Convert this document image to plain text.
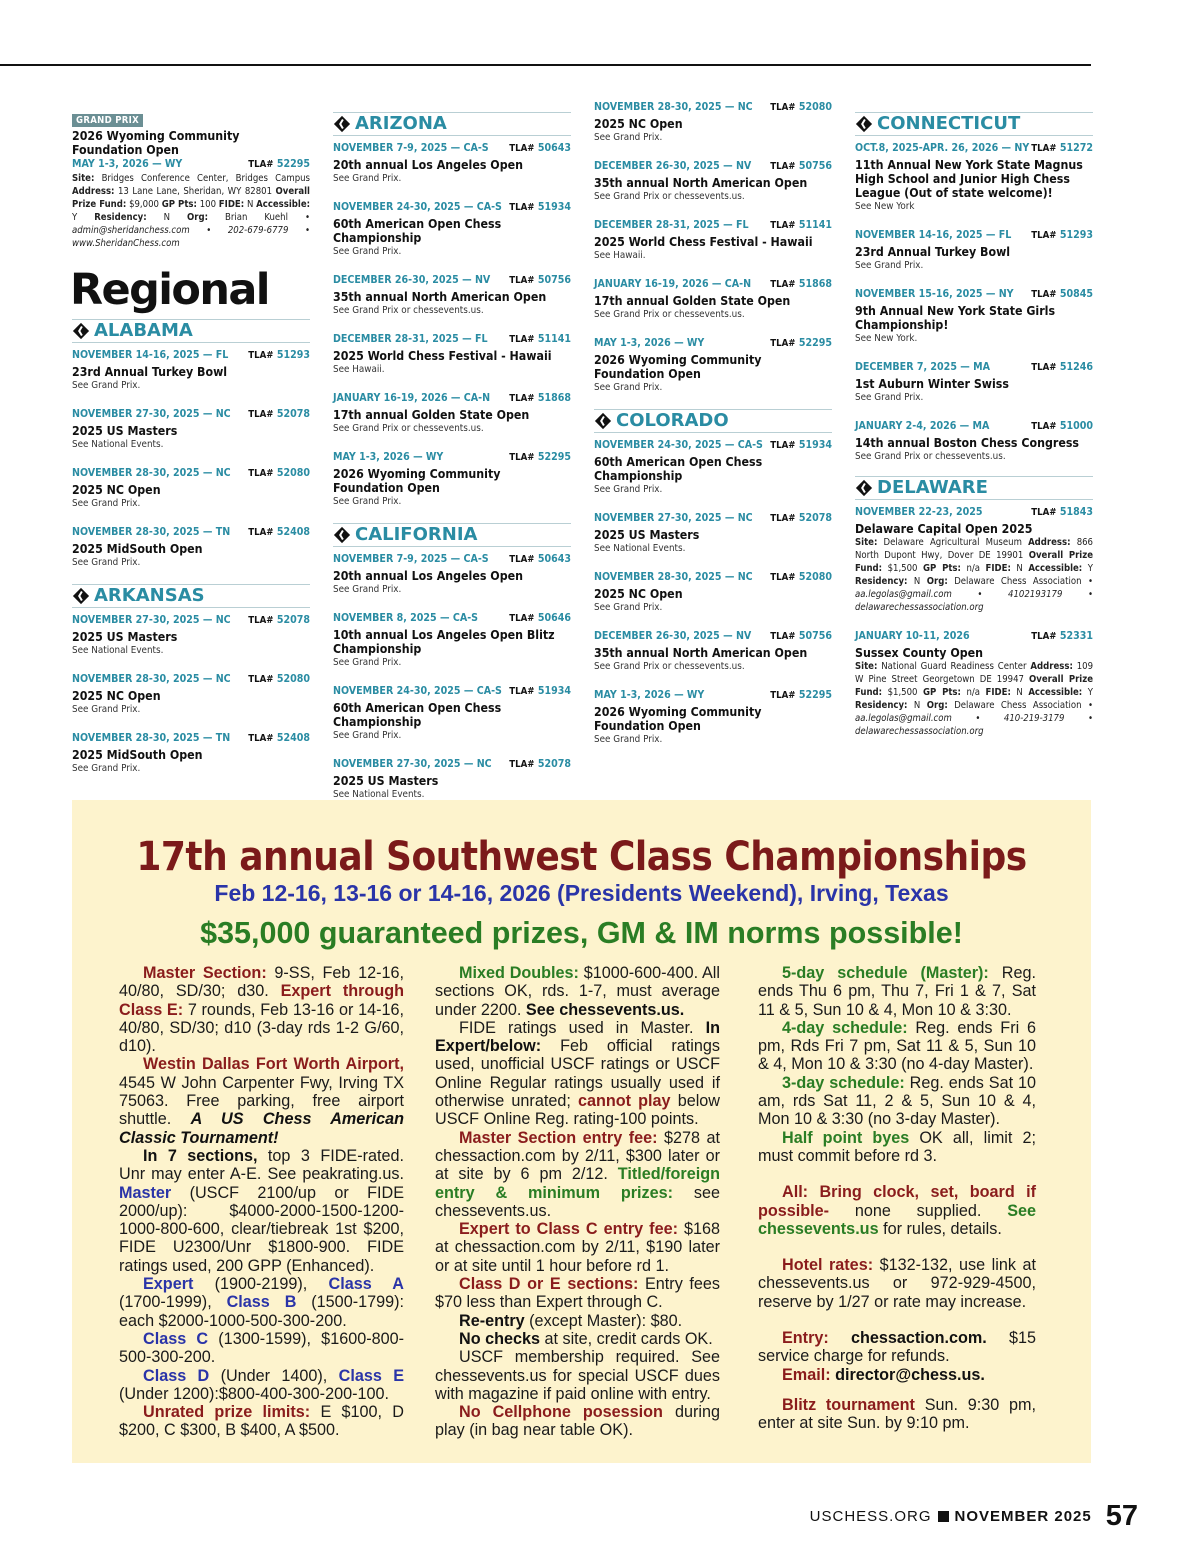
GRAND PRIX
2026 Wyoming Community Foundation Open
MAY 1-3, 2026 — WY	TLA# 52295
Site: Bridges Conference Center, Bridges Campus Address: 13 Lane Lane, Sheridan, WY 82801 Overall Prize Fund: $9,000 GP Pts: 100 FIDE: N Accessible: Y Residency: N Org: Brian Kuehl • admin@sheridanchess.com • 202-679-6779 • www.SheridanChess.com
Regional
ALABAMA
NOVEMBER 14-16, 2025 — FL TLA# 51293
23rd Annual Turkey Bowl
See Grand Prix.
NOVEMBER 27-30, 2025 — NC TLA# 52078
2025 US Masters
See National Events.
NOVEMBER 28-30, 2025 — NC TLA# 52080
2025 NC Open
See Grand Prix.
NOVEMBER 28-30, 2025 — TN TLA# 52408
2025 MidSouth Open
See Grand Prix.
ARKANSAS
NOVEMBER 27-30, 2025 — NC TLA# 52078
2025 US Masters
See National Events.
NOVEMBER 28-30, 2025 — NC TLA# 52080
2025 NC Open
See Grand Prix.
NOVEMBER 28-30, 2025 — TN TLA# 52408
2025 MidSouth Open
See Grand Prix.
ARIZONA
NOVEMBER 7-9, 2025 — CA-S TLA# 50643
20th annual Los Angeles Open
See Grand Prix.
NOVEMBER 24-30, 2025 — CA-S TLA# 51934
60th American Open Chess Championship
See Grand Prix.
DECEMBER 26-30, 2025 — NV TLA# 50756
35th annual North American Open
See Grand Prix or chessevents.us.
DECEMBER 28-31, 2025 — FL TLA# 51141
2025 World Chess Festival - Hawaii
See Hawaii.
JANUARY 16-19, 2026 — CA-N TLA# 51868
17th annual Golden State Open
See Grand Prix or chessevents.us.
MAY 1-3, 2026 — WY	TLA# 52295
2026 Wyoming Community Foundation Open
See Grand Prix.
CALIFORNIA
NOVEMBER 7-9, 2025 — CA-S TLA# 50643
20th annual Los Angeles Open
See Grand Prix.
NOVEMBER 8, 2025 — CA-S	TLA# 50646
10th annual Los Angeles Open Blitz Championship
See Grand Prix.
NOVEMBER 24-30, 2025 — CA-S TLA# 51934
60th American Open Chess Championship
See Grand Prix.
NOVEMBER 27-30, 2025 — NC TLA# 52078
2025 US Masters
See National Events.
NOVEMBER 28-30, 2025 — NC TLA# 52080
2025 NC Open
See Grand Prix.
DECEMBER 26-30, 2025 — NV TLA# 50756
35th annual North American Open
See Grand Prix or chessevents.us.
DECEMBER 28-31, 2025 — FL TLA# 51141
2025 World Chess Festival - Hawaii
See Hawaii.
JANUARY 16-19, 2026 — CA-N TLA# 51868
17th annual Golden State Open
See Grand Prix or chessevents.us.
MAY 1-3, 2026 — WY	TLA# 52295
2026 Wyoming Community Foundation Open
See Grand Prix.
COLORADO
NOVEMBER 24-30, 2025 — CA-S TLA# 51934
60th American Open Chess Championship
See Grand Prix.
NOVEMBER 27-30, 2025 — NC TLA# 52078
2025 US Masters
See National Events.
NOVEMBER 28-30, 2025 — NC TLA# 52080
2025 NC Open
See Grand Prix.
DECEMBER 26-30, 2025 — NV TLA# 50756
35th annual North American Open
See Grand Prix or chessevents.us.
MAY 1-3, 2026 — WY	TLA# 52295
2026 Wyoming Community Foundation Open
See Grand Prix.
CONNECTICUT
OCT.8, 2025-APR. 26, 2026 — NY TLA# 51272
11th Annual New York State Magnus High School and Junior High Chess League (Out of state welcome)!
See New York
NOVEMBER 14-16, 2025 — FL TLA# 51293
23rd Annual Turkey Bowl
See Grand Prix.
NOVEMBER 15-16, 2025 — NY TLA# 50845
9th Annual New York State Girls Championship!
See New York.
DECEMBER 7, 2025 — MA	TLA# 51246
1st Auburn Winter Swiss
See Grand Prix.
JANUARY 2-4, 2026 — MA	TLA# 51000
14th annual Boston Chess Congress
See Grand Prix or chessevents.us.
DELAWARE
NOVEMBER 22-23, 2025	TLA# 51843
Delaware Capital Open 2025
Site: Delaware Agricultural Museum Address: 866 North Dupont Hwy, Dover DE 19901 Overall Prize Fund: $1,500 GP Pts: n/a FIDE: N Accessible: Y Residency: N Org: Delaware Chess Association • aa.legolas@gmail.com • 4102193179 • delawarechessassociation.org
JANUARY 10-11, 2026	TLA# 52331
Sussex County Open
Site: National Guard Readiness Center Address: 109 W Pine Street Georgetown DE 19947 Overall Prize Fund: $1,500 GP Pts: n/a FIDE: N Accessible: Y Residency: N Org: Delaware Chess Association • aa.legolas@gmail.com • 410-219-3179 • delawarechessassociation.org
17th annual Southwest Class Championships
Feb 12-16, 13-16 or 14-16, 2026 (Presidents Weekend), Irving, Texas
$35,000 guaranteed prizes, GM & IM norms possible!

Master Section: 9-SS, Feb 12-16, 40/80, SD/30; d30. Expert through Class E: 7 rounds, Feb 13-16 or 14-16, 40/80, SD/30; d10 (3-day rds 1-2 G/60, d10).

Westin Dallas Fort Worth Airport, 4545 W John Carpenter Fwy, Irving TX 75063. Free parking, free airport shuttle. A US Chess American Classic Tournament!

In 7 sections, top 3 FIDE-rated. Unr may enter A-E. See peakrating.us. Master (USCF 2100/up or FIDE 2000/up): $4000-2000-1500-1200-1000-800-600, clear/tiebreak 1st $200, FIDE U2300/Unr $1800-900. FIDE ratings used, 200 GPP (Enhanced).

Expert (1900-2199), Class A (1700-1999), Class B (1500-1799): each $2000-1000-500-300-200.

Class C (1300-1599), $1600-800-500-300-200.

Class D (Under 1400), Class E (Under 1200):$800-400-300-200-100.

Unrated prize limits: E $100, D $200, C $300, B $400, A $500.

Mixed Doubles: $1000-600-400. All sections OK, rds. 1-7, must average under 2200. See chessevents.us.

FIDE ratings used in Master. In Expert/below: Feb official ratings used, unofficial USCF ratings or USCF Online Regular ratings usually used if otherwise unrated; cannot play below USCF Online Reg. rating-100 points.

Master Section entry fee: $278 at chessaction.com by 2/11, $300 later or at site by 6 pm 2/12. Titled/foreign entry & minimum prizes: see chessevents.us.

Expert to Class C entry fee: $168 at chessaction.com by 2/11, $190 later or at site until 1 hour before rd 1.

Class D or E sections: Entry fees $70 less than Expert through C.

Re-entry (except Master): $80.

No checks at site, credit cards OK.

USCF membership required. See chessevents.us for special USCF dues with magazine if paid online with entry.

No Cellphone posession during play (in bag near table OK).

5-day schedule (Master): Reg. ends Thu 6 pm, Thu 7, Fri 1 & 7, Sat 11 & 5, Sun 10 & 4, Mon 10 & 3:30.

4-day schedule: Reg. ends Fri 6 pm, Rds Fri 7 pm, Sat 11 & 5, Sun 10 & 4, Mon 10 & 3:30 (no 4-day Master).

3-day schedule: Reg. ends Sat 10 am, rds Sat 11, 2 & 5, Sun 10 & 4, Mon 10 & 3:30 (no 3-day Master).

Half point byes OK all, limit 2; must commit before rd 3.

All: Bring clock, set, board if possible- none supplied. See chessevents.us for rules, details.

Hotel rates: $132-132, use link at chessevents.us or 972-929-4500, reserve by 1/27 or rate may increase.

Entry: chessaction.com. $15 service charge for refunds.

Email: director@chess.us.

Blitz tournament Sun. 9:30 pm, enter at site Sun. by 9:10 pm.

USCHESS.ORG NOVEMBER 2025 57
